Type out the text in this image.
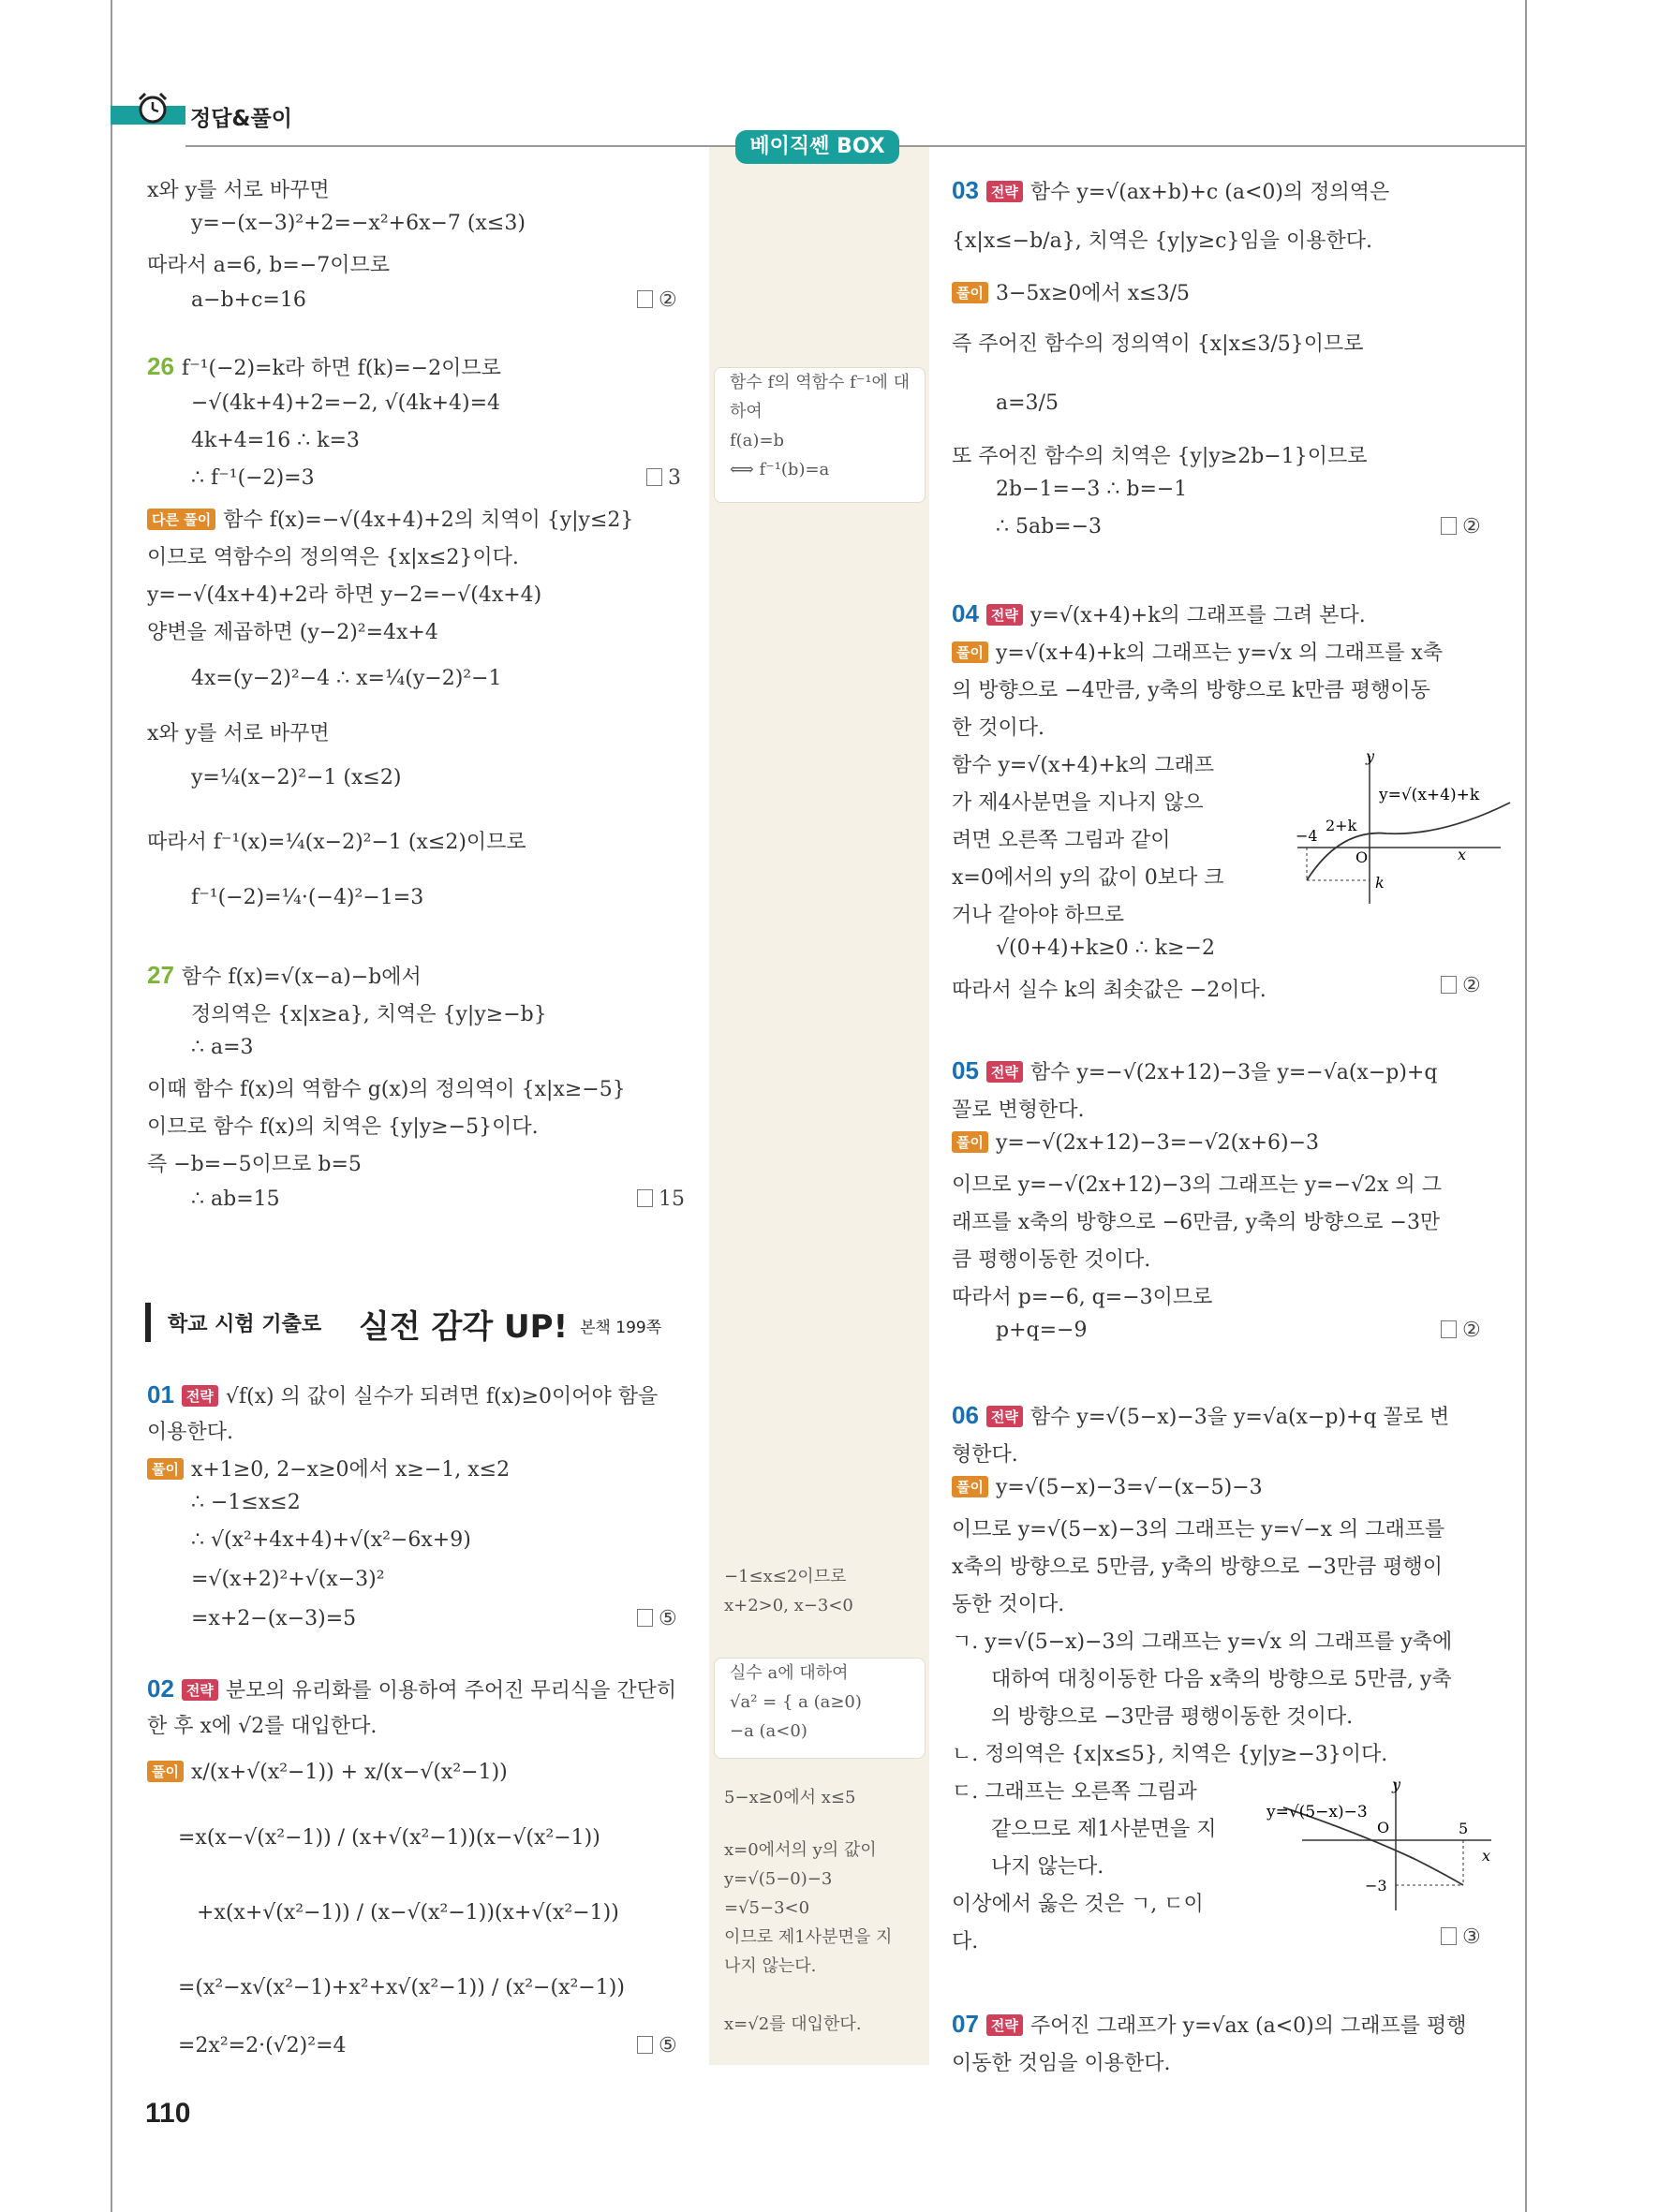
정답&풀이
베이직쎈 BOX
함수 f의 역함수 f⁻¹에 대
하여
f(a)=b
⟺ f⁻¹(b)=a
−1≤x≤2이므로
x+2>0, x−3<0
실수 a에 대하여
√a² = { a (a≥0)
−a (a<0)
5−x≥0에서 x≤5
x=0에서의 y의 값이
y=√(5−0)−3
=√5−3<0
이므로 제1사분면을 지
나지 않는다.
x=√2를 대입한다.
x와 y를 서로 바꾸면
y=−(x−3)²+2=−x²+6x−7 (x≤3)
따라서 a=6, b=−7이므로
a−b+c=16	②
26 f⁻¹(−2)=k라 하면 f(k)=−2이므로
−√(4k+4)+2=−2, √(4k+4)=4
4k+4=16 ∴ k=3
∴ f⁻¹(−2)=3	3
다른 풀이 함수 f(x)=−√(4x+4)+2의 치역이 {y|y≤2}
이므로 역함수의 정의역은 {x|x≤2}이다.
y=−√(4x+4)+2라 하면 y−2=−√(4x+4)
양변을 제곱하면 (y−2)²=4x+4
4x=(y−2)²−4 ∴ x=¼(y−2)²−1
x와 y를 서로 바꾸면
y=¼(x−2)²−1 (x≤2)
따라서 f⁻¹(x)=¼(x−2)²−1 (x≤2)이므로
f⁻¹(−2)=¼·(−4)²−1=3
27 함수 f(x)=√(x−a)−b에서
정의역은 {x|x≥a}, 치역은 {y|y≥−b}
∴ a=3
이때 함수 f(x)의 역함수 g(x)의 정의역이 {x|x≥−5}
이므로 함수 f(x)의 치역은 {y|y≥−5}이다.
즉 −b=−5이므로 b=5
∴ ab=15	15
학교 시험 기출로 실전 감각 UP! 본책 199쪽
01 전략 √f(x) 의 값이 실수가 되려면 f(x)≥0이어야 함을
이용한다.
풀이 x+1≥0, 2−x≥0에서 x≥−1, x≤2
∴ −1≤x≤2
∴ √(x²+4x+4)+√(x²−6x+9)
=√(x+2)²+√(x−3)²
=x+2−(x−3)=5	⑤
02 전략 분모의 유리화를 이용하여 주어진 무리식을 간단히
한 후 x에 √2를 대입한다.
풀이 x/(x+√(x²−1)) + x/(x−√(x²−1))
=x(x−√(x²−1)) / (x+√(x²−1))(x−√(x²−1))
+x(x+√(x²−1)) / (x−√(x²−1))(x+√(x²−1))
=(x²−x√(x²−1)+x²+x√(x²−1)) / (x²−(x²−1))
=2x²=2·(√2)²=4	⑤
110
03 전략 함수 y=√(ax+b)+c (a<0)의 정의역은
{x|x≤−b/a}, 치역은 {y|y≥c}임을 이용한다.
풀이 3−5x≥0에서 x≤3/5
즉 주어진 함수의 정의역이 {x|x≤3/5}이므로
a=3/5
또 주어진 함수의 치역은 {y|y≥2b−1}이므로
2b−1=−3 ∴ b=−1
∴ 5ab=−3	②
04 전략 y=√(x+4)+k의 그래프를 그려 본다.
풀이 y=√(x+4)+k의 그래프는 y=√x 의 그래프를 x축
의 방향으로 −4만큼, y축의 방향으로 k만큼 평행이동
한 것이다.
함수 y=√(x+4)+k의 그래프
가 제4사분면을 지나지 않으
려면 오른쪽 그림과 같이
x=0에서의 y의 값이 0보다 크
거나 같아야 하므로
√(0+4)+k≥0 ∴ k≥−2
따라서 실수 k의 최솟값은 −2이다.	②
y
x
O
y=√(x+4)+k
−4
2+k
k
05 전략 함수 y=−√(2x+12)−3을 y=−√a(x−p)+q
꼴로 변형한다.
풀이 y=−√(2x+12)−3=−√2(x+6)−3
이므로 y=−√(2x+12)−3의 그래프는 y=−√2x 의 그
래프를 x축의 방향으로 −6만큼, y축의 방향으로 −3만
큼 평행이동한 것이다.
따라서 p=−6, q=−3이므로
p+q=−9	②
06 전략 함수 y=√(5−x)−3을 y=√a(x−p)+q 꼴로 변
형한다.
풀이 y=√(5−x)−3=√−(x−5)−3
이므로 y=√(5−x)−3의 그래프는 y=√−x 의 그래프를
x축의 방향으로 5만큼, y축의 방향으로 −3만큼 평행이
동한 것이다.
ㄱ. y=√(5−x)−3의 그래프는 y=√x 의 그래프를 y축에
대하여 대칭이동한 다음 x축의 방향으로 5만큼, y축
의 방향으로 −3만큼 평행이동한 것이다.
ㄴ. 정의역은 {x|x≤5}, 치역은 {y|y≥−3}이다.
ㄷ. 그래프는 오른쪽 그림과
같으므로 제1사분면을 지
나지 않는다.
이상에서 옳은 것은 ㄱ, ㄷ이
다.	③
y
x
O
y=√(5−x)−3
5
−3
07 전략 주어진 그래프가 y=√ax (a<0)의 그래프를 평행
이동한 것임을 이용한다.
